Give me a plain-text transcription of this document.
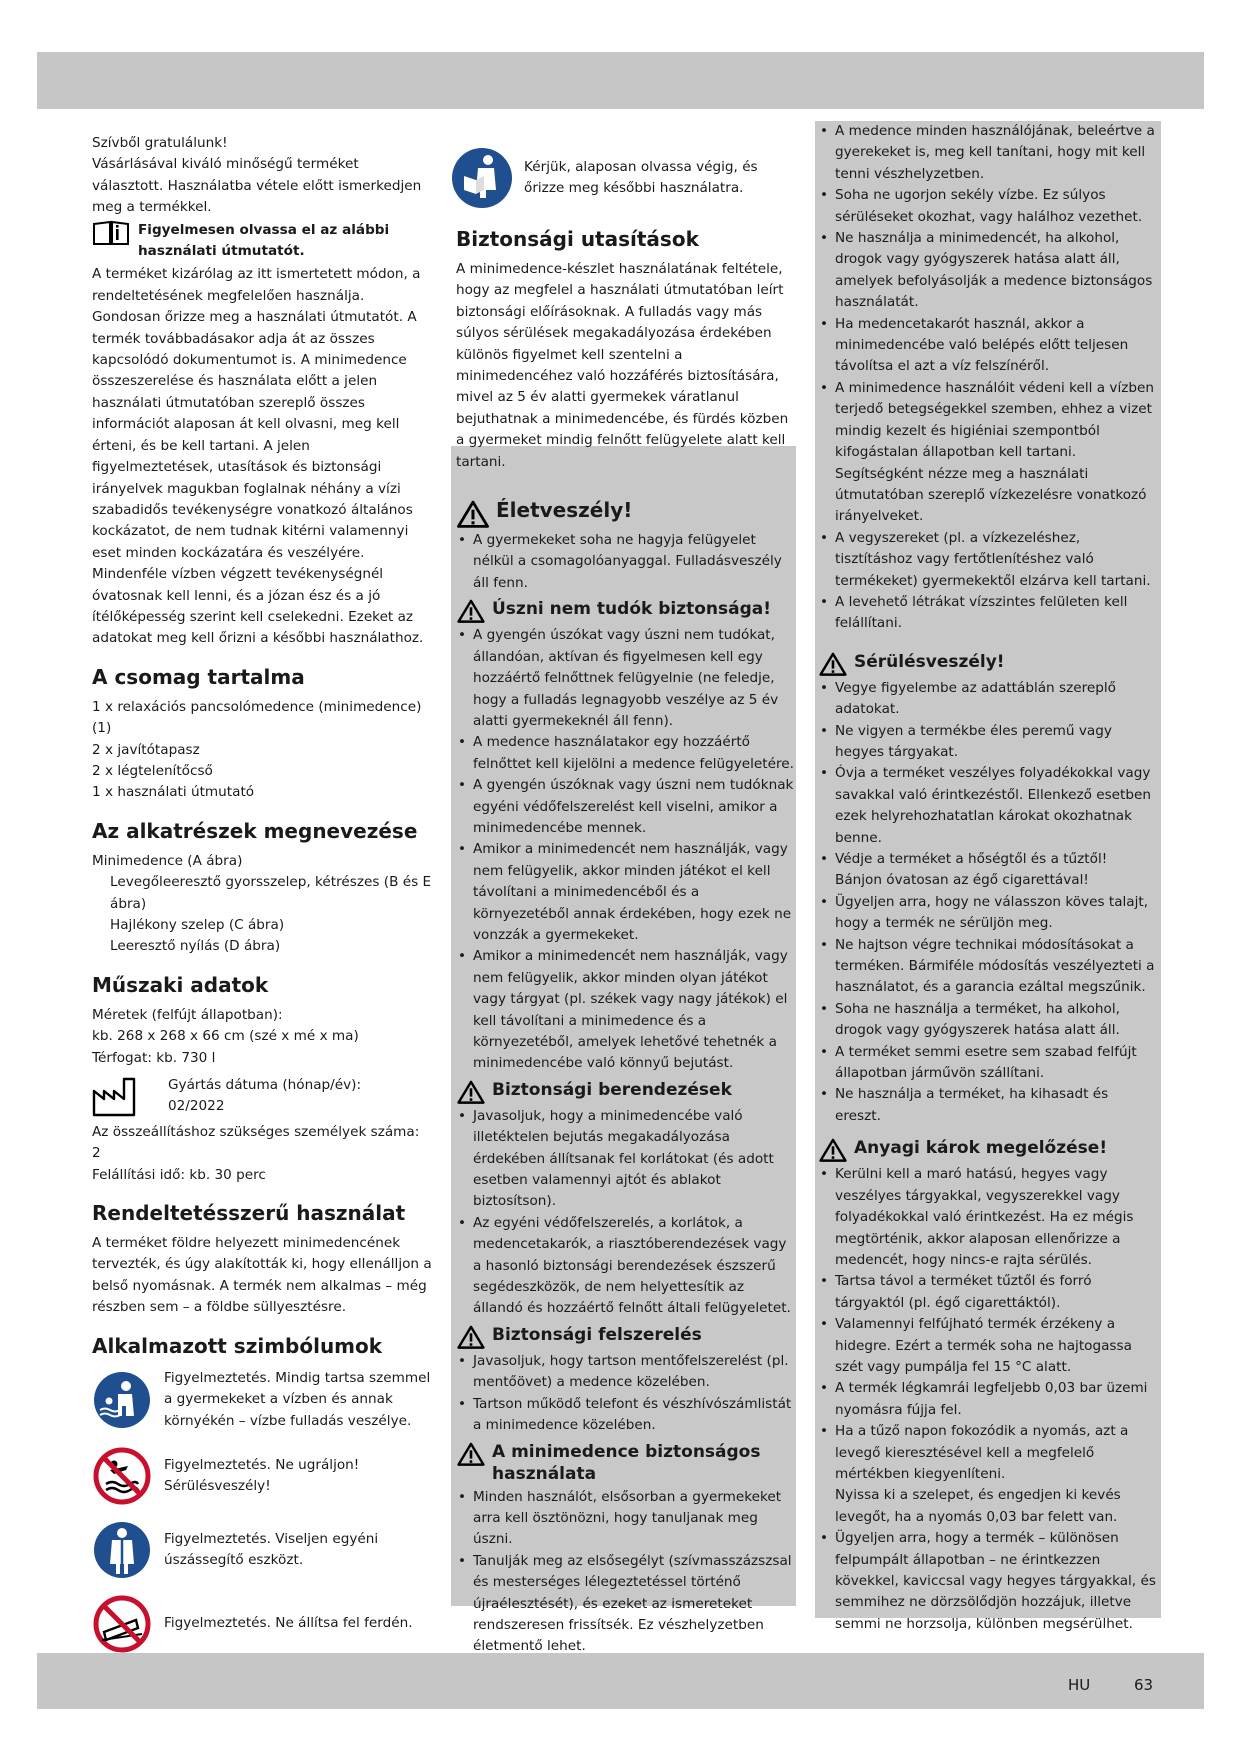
HU	63

Szívből gratulálunk!

Vásárlásával kiváló minőségű terméket választott. Használatba vétele előtt ismerkedjen meg a termékkel.

Figyelmesen olvassa el az alábbi használati útmutatót.

A terméket kizárólag az itt ismertetett módon, a rendeltetésének megfelelően használja. Gondosan őrizze meg a használati útmutatót. A termék továbbadásakor adja át az összes kapcsolódó dokumentumot is. A minimedence összeszerelése és használata előtt a jelen használati útmutatóban szereplő összes információt alaposan át kell olvasni, meg kell érteni, és be kell tartani. A jelen figyelmeztetések, utasítások és biztonsági irányelvek magukban foglalnak néhány a vízi szabadidős tevékenységre vonatkozó általános kockázatot, de nem tudnak kitérni valamennyi eset minden kockázatára és veszélyére. Mindenféle vízben végzett tevékenységnél óvatosnak kell lenni, és a józan ész és a jó ítélőképesség szerint kell cselekedni. Ezeket az adatokat meg kell őrizni a későbbi használathoz.

A csomag tartalma

1 x relaxációs pancsolómedence (minimedence) (1)

2 x javítótapasz

2 x légtelenítőcső

1 x használati útmutató

Az alkatrészek megnevezése

Minimedence (A ábra)

Levegőleeresztő gyorsszelep, kétrészes (B és E ábra)

Hajlékony szelep (C ábra)

Leeresztő nyílás (D ábra)

Műszaki adatok

Méretek (felfújt állapotban):

kb. 268 x 268 x 66 cm (szé x mé x ma)

Térfogat: kb. 730 l

Gyártás dátuma (hónap/év):

02/2022

Az összeállításhoz szükséges személyek száma: 2

Felállítási idő: kb. 30 perc

Rendeltetésszerű használat

A terméket földre helyezett minimedencének tervezték, és úgy alakították ki, hogy ellenálljon a belső nyomásnak. A termék nem alkalmas – még részben sem – a földbe süllyesztésre.

Alkalmazott szimbólumok
Figyelmeztetés. Mindig tartsa szemmel a gyermekeket a vízben és annak környékén – vízbe fulladás veszélye.
Figyelmeztetés. Ne ugráljon! Sérülésveszély!
Figyelmeztetés. Viseljen egyéni úszássegítő eszközt.
Figyelmeztetés. Ne állítsa fel ferdén.
Kérjük, alaposan olvassa végig, és őrizze meg későbbi használatra.
Biztonsági utasítások

A minimedence-készlet használatának feltétele, hogy az megfelel a használati útmutatóban leírt biztonsági előírásoknak. A fulladás vagy más súlyos sérülések megakadályozása érdekében különös figyelmet kell szentelni a minimedencéhez való hozzáférés biztosítására, mivel az 5 év alatti gyermekek váratlanul bejuthatnak a minimedencébe, és fürdés közben a gyermeket mindig felnőtt felügyelete alatt kell tartani.

Életveszély!
• A gyermekeket soha ne hagyja felügyelet nélkül a csomagolóanyaggal. Fulladásveszély áll fenn.
Úszni nem tudók biztonsága!
• A gyengén úszókat vagy úszni nem tudókat, állandóan, aktívan és figyelmesen kell egy hozzáértő felnőttnek felügyelnie (ne feledje, hogy a fulladás legnagyobb veszélye az 5 év alatti gyermekeknél áll fenn).
• A medence használatakor egy hozzáértő felnőttet kell kijelölni a medence felügyeletére.
• A gyengén úszóknak vagy úszni nem tudóknak egyéni védőfelszerelést kell viselni, amikor a minimedencébe mennek.
• Amikor a minimedencét nem használják, vagy nem felügyelik, akkor minden játékot el kell távolítani a minimedencéből és a környezetéből annak érdekében, hogy ezek ne vonzzák a gyermekeket.
• Amikor a minimedencét nem használják, vagy nem felügyelik, akkor minden olyan játékot vagy tárgyat (pl. székek vagy nagy játékok) el kell távolítani a minimedence és a környezetéből, amelyek lehetővé tehetnék a minimedencébe való könnyű bejutást.
Biztonsági berendezések
• Javasoljuk, hogy a minimedencébe való illetéktelen bejutás megakadályozása érdekében állítsanak fel korlátokat (és adott esetben valamennyi ajtót és ablakot biztosítson).
• Az egyéni védőfelszerelés, a korlátok, a medencetakarók, a riasztóberendezések vagy a hasonló biztonsági berendezések észszerű segédeszközök, de nem helyettesítik az állandó és hozzáértő felnőtt általi felügyeletet.
Biztonsági felszerelés
• Javasoljuk, hogy tartson mentőfelszerelést (pl. mentőövet) a medence közelében.
• Tartson működő telefont és vészhívószámlistát a minimedence közelében.
A minimedence biztonságos használata
• Minden használót, elsősorban a gyermekeket arra kell ösztönözni, hogy tanuljanak meg úszni.
• Tanulják meg az elsősegélyt (szívmasszázszsal és mesterséges lélegeztetéssel történő újraélesztését), és ezeket az ismereteket rendszeresen frissítsék. Ez vészhelyzetben életmentő lehet.
• A medence minden használójának, beleértve a gyerekeket is, meg kell tanítani, hogy mit kell tenni vészhelyzetben.
• Soha ne ugorjon sekély vízbe. Ez súlyos sérüléseket okozhat, vagy halálhoz vezethet.
• Ne használja a minimedencét, ha alkohol, drogok vagy gyógyszerek hatása alatt áll, amelyek befolyásolják a medence biztonságos használatát.
• Ha medencetakarót használ, akkor a minimedencébe való belépés előtt teljesen távolítsa el azt a víz felszínéről.
• A minimedence használóit védeni kell a vízben terjedő betegségekkel szemben, ehhez a vizet mindig kezelt és higiéniai szempontból kifogástalan állapotban kell tartani. Segítségként nézze meg a használati útmutatóban szereplő vízkezelésre vonatkozó irányelveket.
• A vegyszereket (pl. a vízkezeléshez, tisztításhoz vagy fertőtlenítéshez való termékeket) gyermekektől elzárva kell tartani.
• A levehető létrákat vízszintes felületen kell felállítani.
Sérülésveszély!
• Vegye figyelembe az adattáblán szereplő adatokat.
• Ne vigyen a termékbe éles peremű vagy hegyes tárgyakat.
• Óvja a terméket veszélyes folyadékokkal vagy savakkal való érintkezéstől. Ellenkező esetben ezek helyrehozhatatlan károkat okozhatnak benne.
• Védje a terméket a hőségtől és a tűztől! Bánjon óvatosan az égő cigarettával!
• Ügyeljen arra, hogy ne válasszon köves talajt, hogy a termék ne sérüljön meg.
• Ne hajtson végre technikai módosításokat a terméken. Bármiféle módosítás veszélyezteti a használatot, és a garancia ezáltal megszűnik.
• Soha ne használja a terméket, ha alkohol, drogok vagy gyógyszerek hatása alatt áll.
• A terméket semmi esetre sem szabad felfújt állapotban járművön szállítani.
• Ne használja a terméket, ha kihasadt és ereszt.
Anyagi károk megelőzése!
• Kerülni kell a maró hatású, hegyes vagy veszélyes tárgyakkal, vegyszerekkel vagy folyadékokkal való érintkezést. Ha ez mégis megtörténik, akkor alaposan ellenőrizze a medencét, hogy nincs-e rajta sérülés.
• Tartsa távol a terméket tűztől és forró tárgyaktól (pl. égő cigarettáktól).
• Valamennyi felfújható termék érzékeny a hidegre. Ezért a termék soha ne hajtogassa szét vagy pumpálja fel 15 °C alatt.
• A termék légkamrái legfeljebb 0,03 bar üzemi nyomásra fújja fel.
• Ha a tűző napon fokozódik a nyomás, azt a levegő kieresztésével kell a megfelelő mértékben kiegyenlíteni.
Nyissa ki a szelepet, és engedjen ki kevés levegőt, ha a nyomás 0,03 bar felett van.
• Ügyeljen arra, hogy a termék – különösen felpumpált állapotban – ne érintkezzen kövekkel, kaviccsal vagy hegyes tárgyakkal, és semmihez ne dörzsölődjön hozzájuk, illetve semmi ne horzsolja, különben megsérülhet.
